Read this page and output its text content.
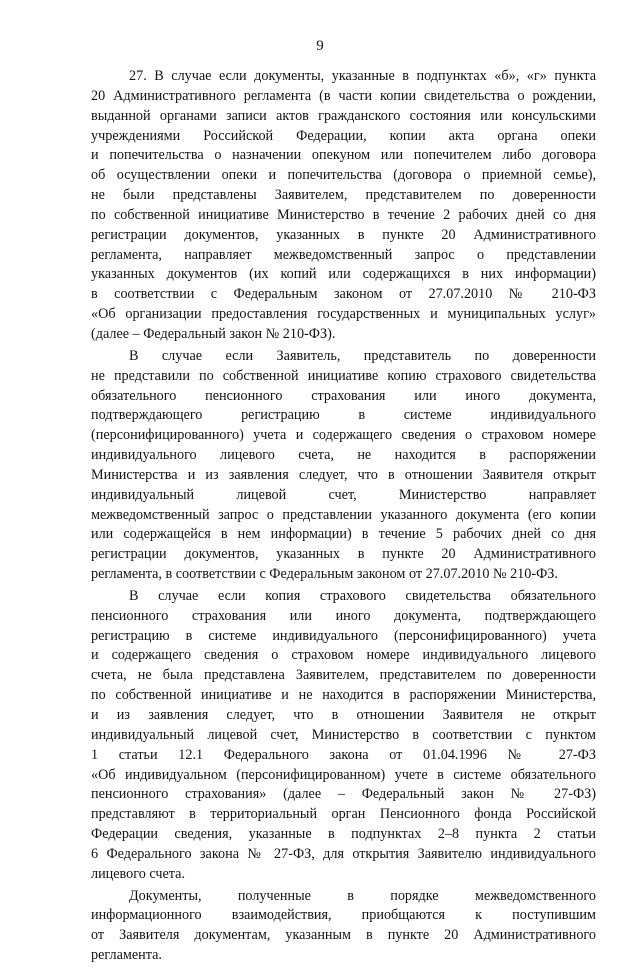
9
27. В случае если документы, указанные в подпунктах «б», «г» пункта
20 Административного регламента (в части копии свидетельства о рождении,
выданной органами записи актов гражданского состояния или консульскими
учреждениями Российской Федерации, копии акта органа опеки
и попечительства о назначении опекуном или попечителем либо договора
об осуществлении опеки и попечительства (договора о приемной семье),
не были представлены Заявителем, представителем по доверенности
по собственной инициативе Министерство в течение 2 рабочих дней со дня
регистрации документов, указанных в пункте 20 Административного
регламента, направляет межведомственный запрос о представлении
указанных документов (их копий или содержащихся в них информации)
в соответствии с Федеральным законом от 27.07.2010 № 210-ФЗ
«Об организации предоставления государственных и муниципальных услуг»
(далее – Федеральный закон № 210-ФЗ).
В случае если Заявитель, представитель по доверенности
не представили по собственной инициативе копию страхового свидетельства
обязательного пенсионного страхования или иного документа,
подтверждающего регистрацию в системе индивидуального
(персонифицированного) учета и содержащего сведения о страховом номере
индивидуального лицевого счета, не находится в распоряжении
Министерства и из заявления следует, что в отношении Заявителя открыт
индивидуальный лицевой счет, Министерство направляет
межведомственный запрос о представлении указанного документа (его копии
или содержащейся в нем информации) в течение 5 рабочих дней со дня
регистрации документов, указанных в пункте 20 Административного
регламента, в соответствии с Федеральным законом от 27.07.2010 № 210-ФЗ.
В случае если копия страхового свидетельства обязательного
пенсионного страхования или иного документа, подтверждающего
регистрацию в системе индивидуального (персонифицированного) учета
и содержащего сведения о страховом номере индивидуального лицевого
счета, не была представлена Заявителем, представителем по доверенности
по собственной инициативе и не находится в распоряжении Министерства,
и из заявления следует, что в отношении Заявителя не открыт
индивидуальный лицевой счет, Министерство в соответствии с пунктом
1 статьи 12.1 Федерального закона от 01.04.1996 № 27-ФЗ
«Об индивидуальном (персонифицированном) учете в системе обязательного
пенсионного страхования» (далее – Федеральный закон № 27-ФЗ)
представляют в территориальный орган Пенсионного фонда Российской
Федерации сведения, указанные в подпунктах 2–8 пункта 2 статьи
6 Федерального закона № 27-ФЗ, для открытия Заявителю индивидуального
лицевого счета.
Документы, полученные в порядке межведомственного
информационного взаимодействия, приобщаются к поступившим
от Заявителя документам, указанным в пункте 20 Административного
регламента.
